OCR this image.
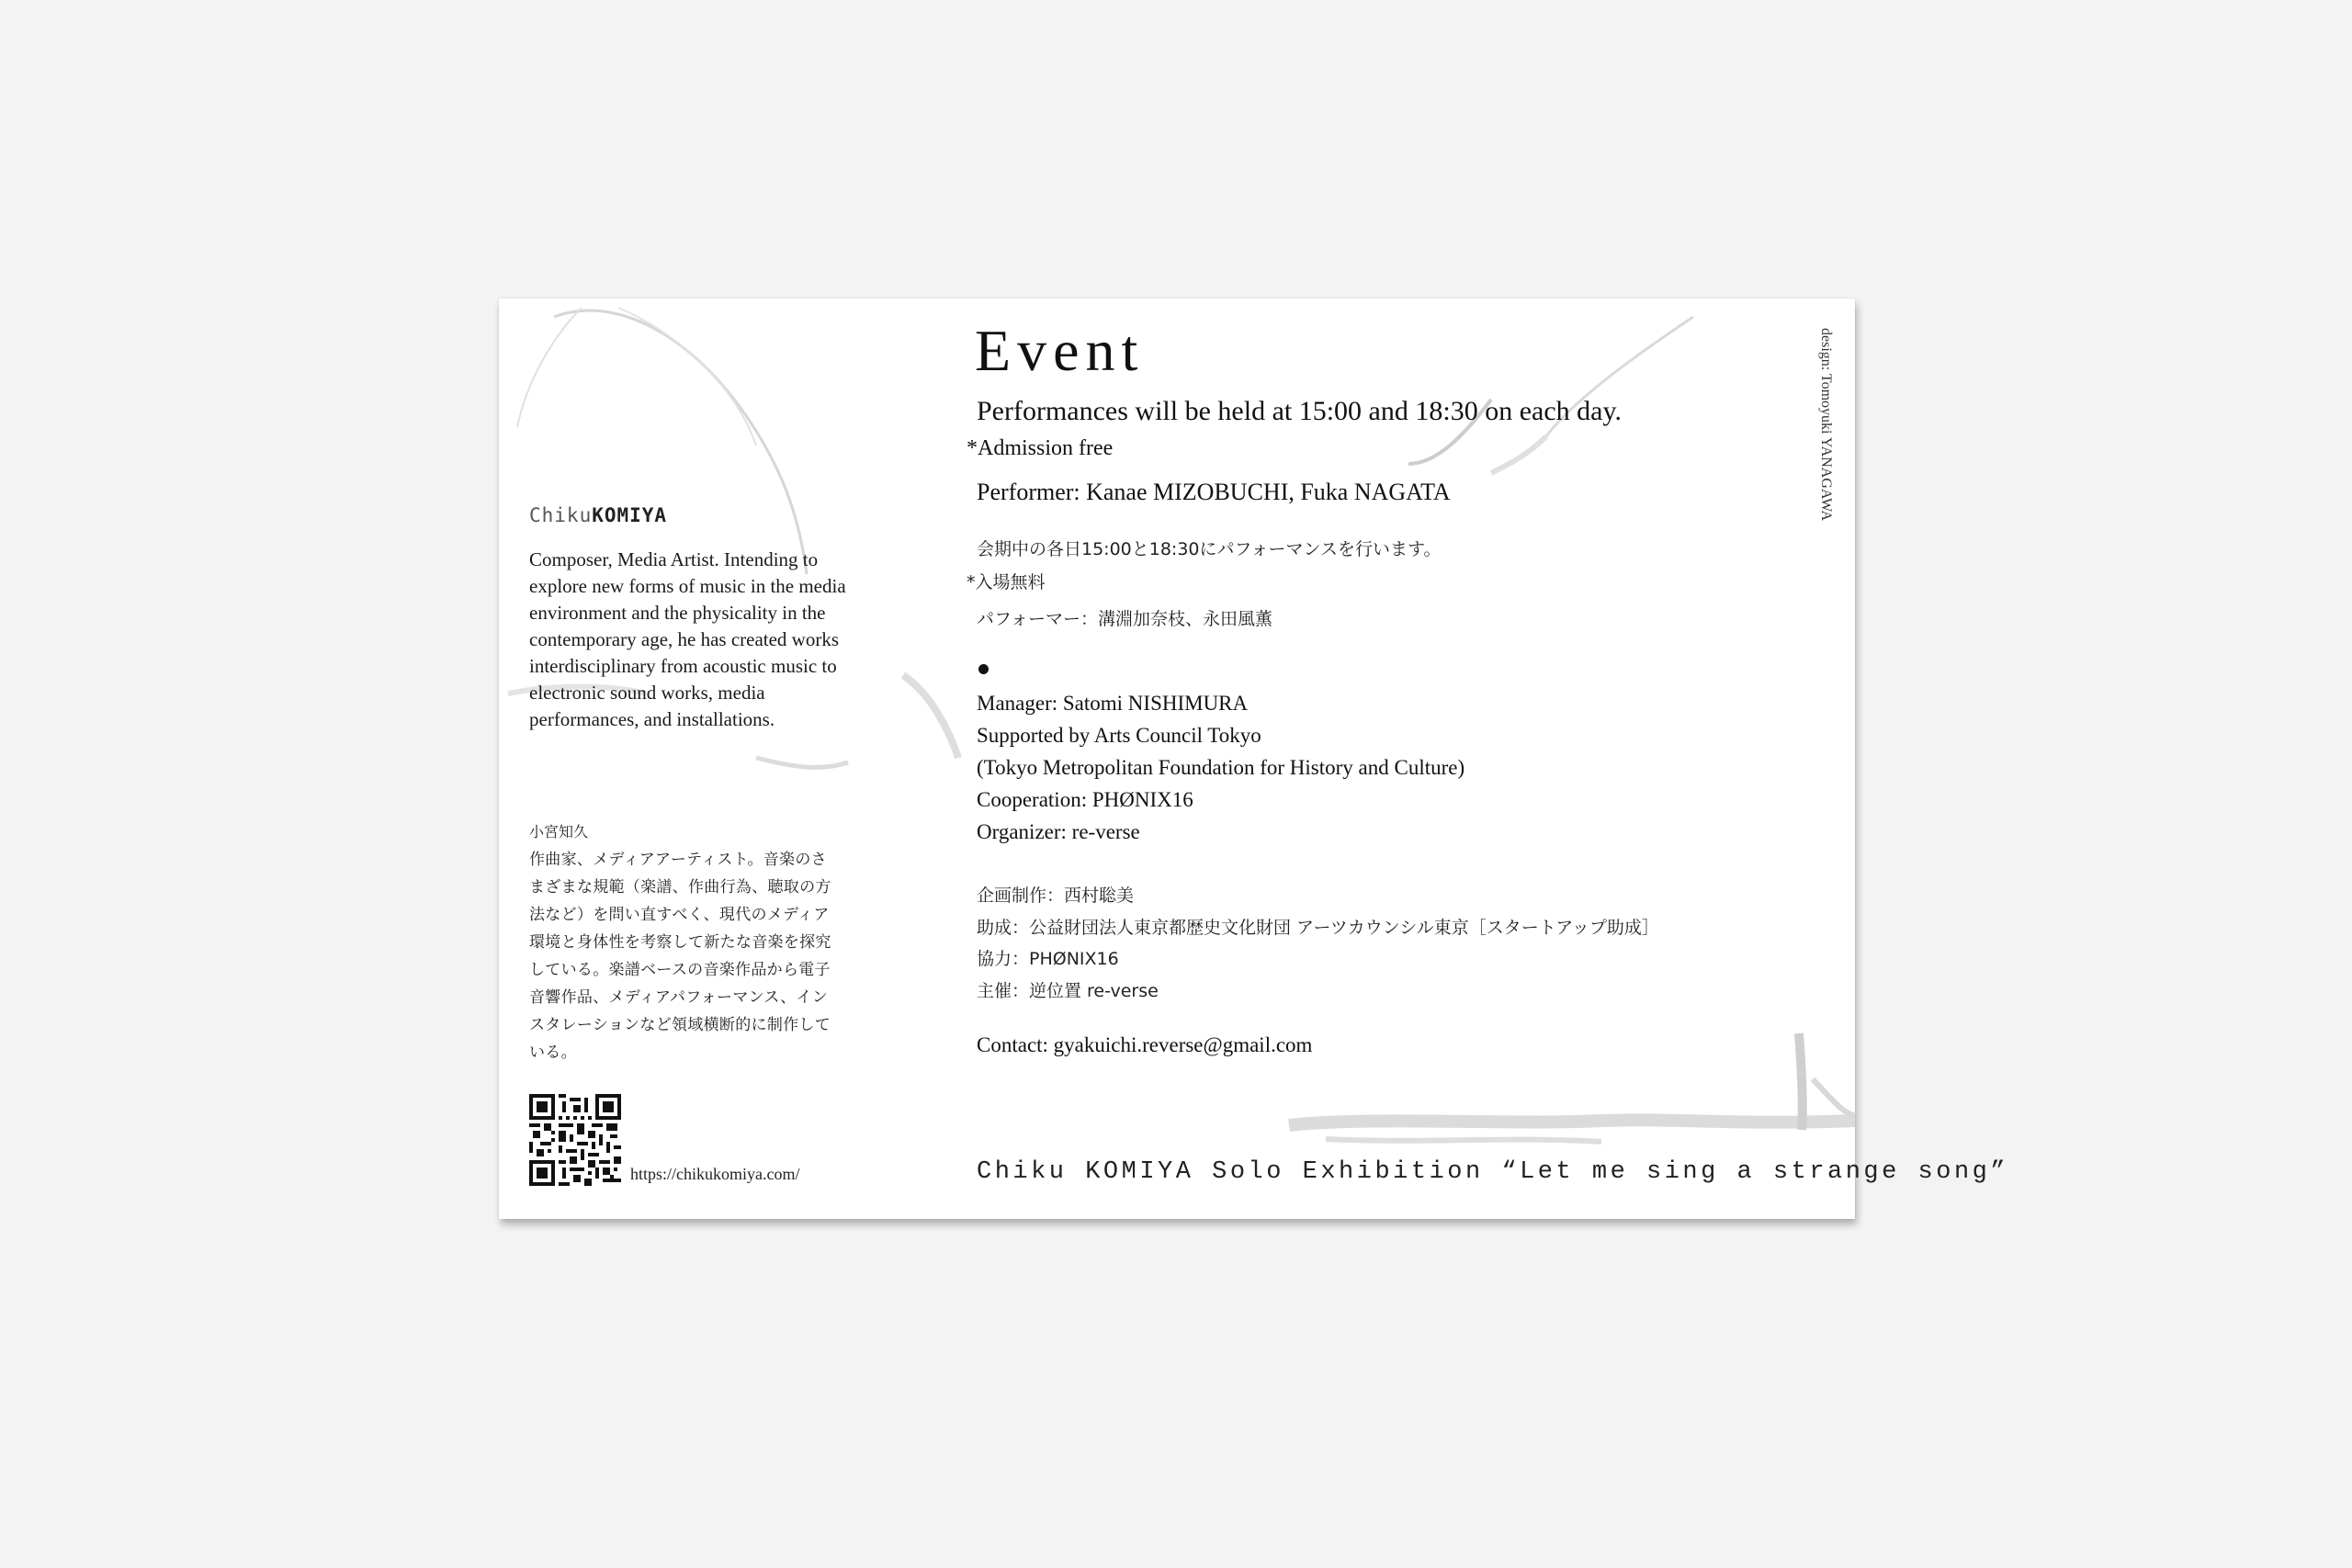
ChikuKOMIYA
Composer, Media Artist. Intending to explore new forms of music in the media environment and the physicality in the contemporary age, he has created works interdisciplinary from acoustic music to electronic sound works, media performances, and installations.
小宮知久
作曲家、メディアアーティスト。音楽のさまざまな規範（楽譜、作曲行為、聴取の方法など）を問い直すべく、現代のメディア環境と身体性を考察して新たな音楽を探究している。楽譜ベースの音楽作品から電子音響作品、メディアパフォーマンス、インスタレーションなど領域横断的に制作している。
https://chikukomiya.com/
Event
Performances will be held at 15:00 and 18:30 on each day.
*Admission free
Performer: Kanae MIZOBUCHI, Fuka NAGATA
会期中の各日15:00と18:30にパフォーマンスを行います。
*入場無料
パフォーマー：溝淵加奈枝、永田風薫
Manager: Satomi NISHIMURA
Supported by Arts Council Tokyo
(Tokyo Metropolitan Foundation for History and Culture)
Cooperation: PHØNIX16
Organizer: re-verse
企画制作：西村聡美
助成：公益財団法人東京都歴史文化財団 アーツカウンシル東京［スタートアップ助成］
協力：PHØNIX16
主催：逆位置 re-verse
Contact: gyakuichi.reverse@gmail.com
Chiku KOMIYA Solo Exhibition “Let me sing a strange song”
design: Tomoyuki YANAGAWA
